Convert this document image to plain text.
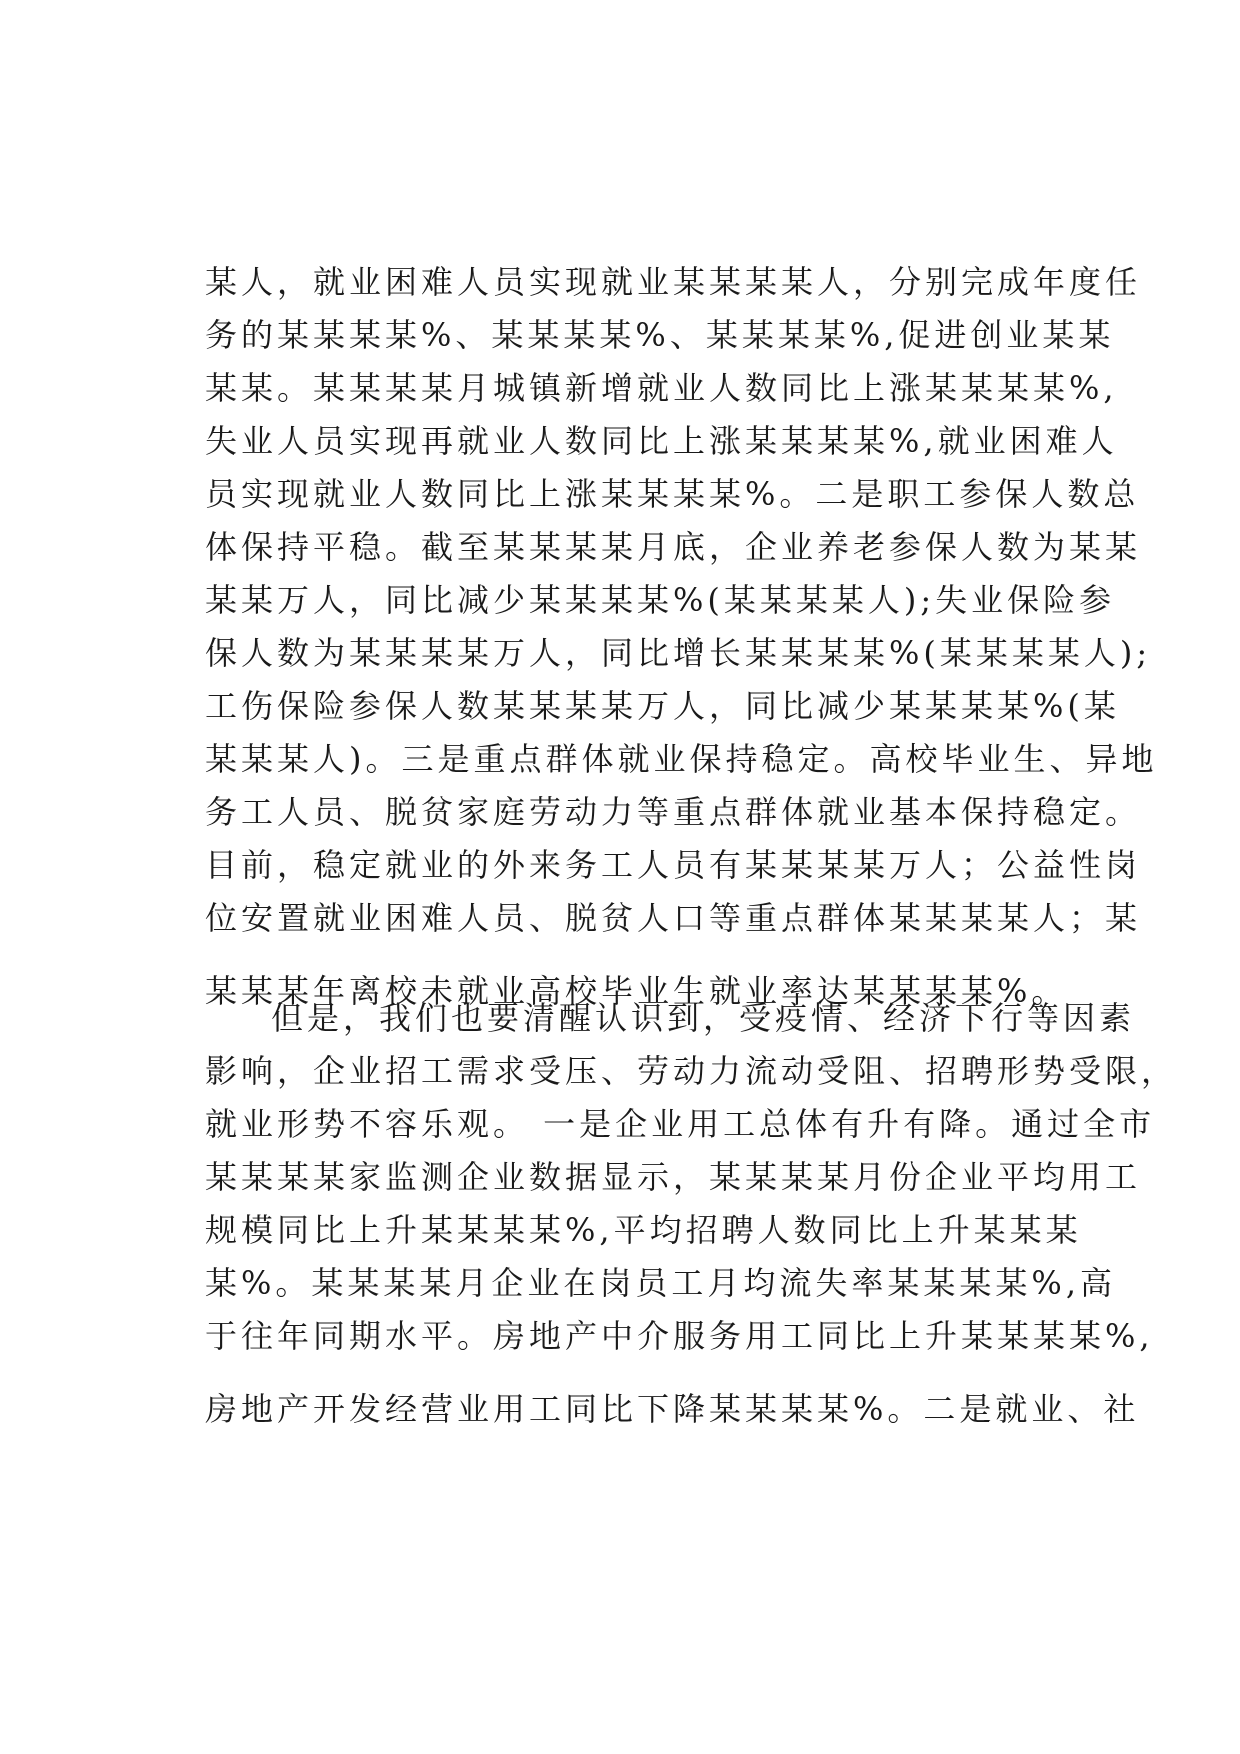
某人，就业困难人员实现就业某某某某人，分别完成年度任
务的某某某某%、某某某某%、某某某某%,促进创业某某
某某。某某某某月城镇新增就业人数同比上涨某某某某%,
失业人员实现再就业人数同比上涨某某某某%,就业困难人
员实现就业人数同比上涨某某某某%。二是职工参保人数总
体保持平稳。截至某某某某月底，企业养老参保人数为某某
某某万人，同比减少某某某某%(某某某某人);失业保险参
保人数为某某某某万人，同比增长某某某某%(某某某某人);
工伤保险参保人数某某某某万人，同比减少某某某某%(某
某某某人)。三是重点群体就业保持稳定。高校毕业生、异地
务工人员、脱贫家庭劳动力等重点群体就业基本保持稳定。
目前，稳定就业的外来务工人员有某某某某万人；公益性岗
位安置就业困难人员、脱贫人口等重点群体某某某某人；某
某某某年离校未就业高校毕业生就业率达某某某某%。
但是，我们也要清醒认识到，受疫情、经济下行等因素
影响，企业招工需求受压、劳动力流动受阻、招聘形势受限，
就业形势不容乐观。 一是企业用工总体有升有降。通过全市
某某某某家监测企业数据显示，某某某某月份企业平均用工
规模同比上升某某某某%,平均招聘人数同比上升某某某
某%。某某某某月企业在岗员工月均流失率某某某某%,高
于往年同期水平。房地产中介服务用工同比上升某某某某%,
房地产开发经营业用工同比下降某某某某%。二是就业、社
